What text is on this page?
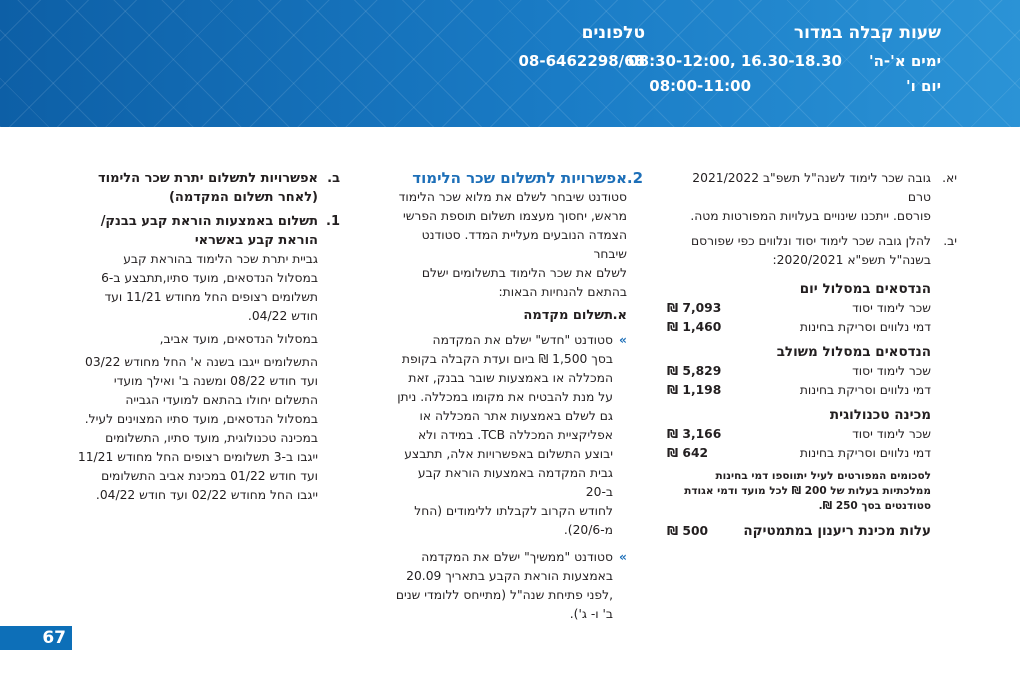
שעות קבלה במדור
ימים א'-ה'
יום ו'
08:30-12:00, 16.30-18.30
08:00-11:00
טלפונים
08-6462298/68
יא.
גובה שכר לימוד לשנה"ל תשפ"ב 2021/2022 טרם
פורסם. ייתכנו שינויים בעלויות המפורטות מטה.
יב.
להלן גובה שכר לימוד יסוד ונלווים כפי שפורסם
בשנה"ל תשפ"א 2020/2021:
הנדסאים במסלול יום
שכר לימוד יסוד
₪ 7,093
דמי נלווים וסריקת בחינות
₪ 1,460
הנדסאים במסלול משולב
שכר לימוד יסוד
₪ 5,829
דמי נלווים וסריקת בחינות
₪ 1,198
מכינה טכנולוגית
שכר לימוד יסוד
₪ 3,166
דמי נלווים וסריקת בחינות
₪ 642
לסכומים המפורטים לעיל יתווספו דמי בחינות
ממלכתיות בעלות של 200 ₪ לכל מועד ודמי אגודת
סטודנטים בסך 250 ₪.
עלות מכינת ריענון במתמטיקה
₪ 500
2.
אפשרויות לתשלום שכר הלימוד
סטודנט שיבחר לשלם את מלוא שכר הלימוד
מראש, יחסוך מעצמו תשלום תוספת הפרשי
הצמדה הנובעים מעליית המדד. סטודנט שיבחר
לשלם את שכר הלימוד בתשלומים ישלם
בהתאם להנחיות הבאות:
א.
תשלום מקדמה
»
סטודנט "חדש" ישלם את המקדמה
בסך 1,500 ₪ ביום ועדת הקבלה בקופת
המכללה או באמצעות שובר בבנק, זאת
על מנת להבטיח את מקומו במכללה. ניתן
גם לשלם באמצעות אתר המכללה או
אפליקציית המכללה TCB. במידה ולא
יבוצע התשלום באפשרויות אלה, תתבצע
גבית המקדמה באמצעות הוראת קבע ב-20
לחודש הקרוב לקבלתו ללימודים (החל
מ-20/6).
»
סטודנט "ממשיך" ישלם את המקדמה
באמצעות הוראת הקבע בתאריך 20.09
,לפני פתיחת שנה"ל (מתייחס ללומדי שנים
ב' ו- ג').
ב.
אפשרויות לתשלום יתרת שכר הלימוד
(לאחר תשלום המקדמה)
1.
תשלום באמצעות הוראת קבע בבנק/
הוראת קבע באשראי
גביית יתרת שכר הלימוד בהוראת קבע
במסלול הנדסאים, מועד סתיו,תתבצע ב-6
תשלומים רצופים החל מחודש 11/21 ועד
חודש 04/22.
במסלול הנדסאים, מועד אביב,
התשלומים ייגבו בשנה א' החל מחודש 03/22
ועד חודש 08/22 ומשנה ב' ואילך מועדי
התשלום יחולו בהתאם למועדי הגבייה
במסלול הנדסאים, מועד סתיו המצוינים לעיל.
במכינה טכנולוגית, מועד סתיו, התשלומים
ייגבו ב-3 תשלומים רצופים החל מחודש 11/21
ועד חודש 01/22 במכינת אביב התשלומים
ייגבו החל מחודש 02/22 ועד חודש 04/22.
67
